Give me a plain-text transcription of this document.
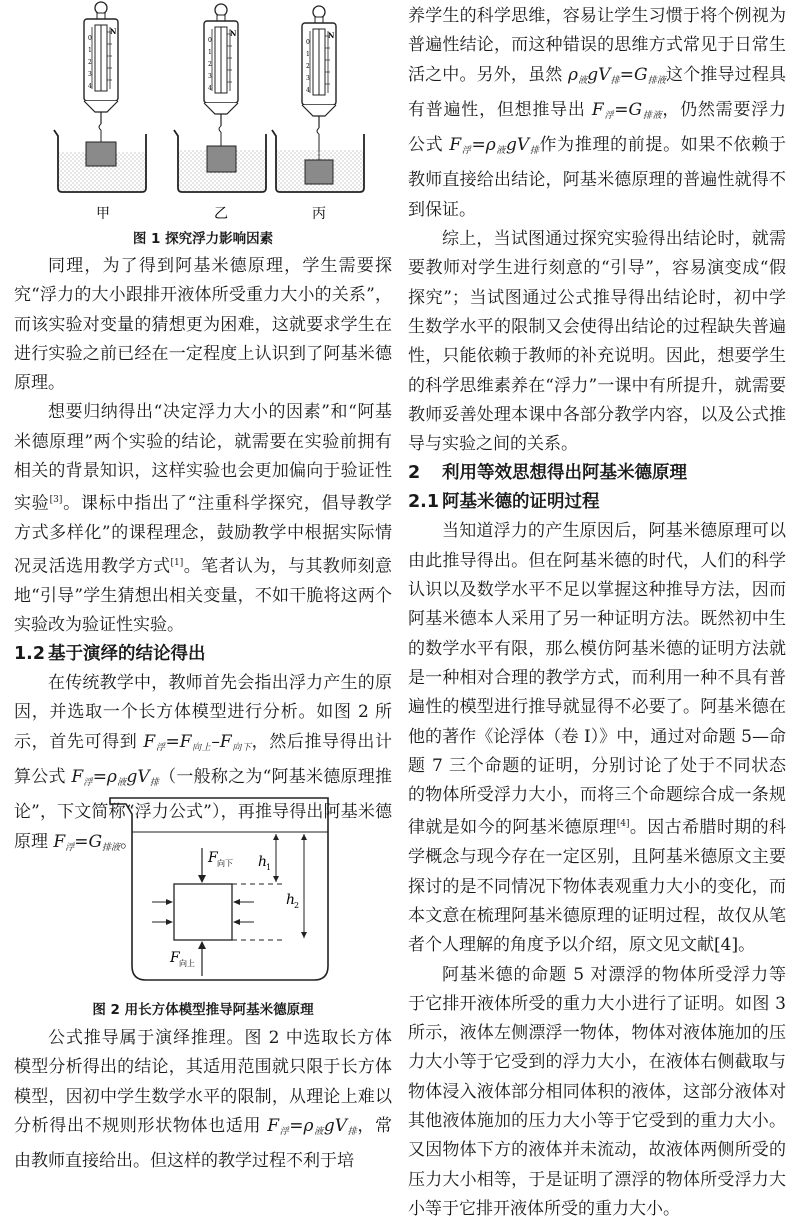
0
1
2
3
4
N
0
1
2
3
4
N
0
1
2
3
4
N
甲	乙	丙
图 1 探究浮力影响因素

同理，为了得到阿基米德原理，学生需要探究“浮力的大小跟排开液体所受重力大小的关系”，而该实验对变量的猜想更为困难，这就要求学生在进行实验之前已经在一定程度上认识到了阿基米德原理。

想要归纳得出“决定浮力大小的因素”和“阿基米德原理”两个实验的结论，就需要在实验前拥有相关的背景知识，这样实验也会更加偏向于验证性实验[3]。课标中指出了“注重科学探究，倡导教学方式多样化”的课程理念，鼓励教学中根据实际情况灵活选用教学方式[1]。笔者认为，与其教师刻意地“引导”学生猜想出相关变量，不如干脆将这两个实验改为验证性实验。

1.2 基于演绎的结论得出

在传统教学中，教师首先会指出浮力产生的原因，并选取一个长方体模型进行分析。如图 2 所示，首先可得到 $F_浮=F_{向上}-F_{向下}$，然后推导得出计算公式 $F_浮=\rho_液gV_排$（一般称之为“阿基米德原理推论”，下文简称“浮力公式”），再推导得出阿基米德原理 $F_浮=G_{排液}$。

F 向下
F 向上
h
1
h
2
图 2 用长方体模型推导阿基米德原理

公式推导属于演绎推理。图 2 中选取长方体模型分析得出的结论，其适用范围就只限于长方体模型，因初中学生数学水平的限制，从理论上难以分析得出不规则形状物体也适用 $F_浮=\rho_液gV_排$，常由教师直接给出。但这样的教学过程不利于培

养学生的科学思维，容易让学生习惯于将个例视为普遍性结论，而这种错误的思维方式常见于日常生活之中。另外，虽然 $\rho_液gV_排=G_{排液}$这个推导过程具有普遍性，但想推导出 $F_浮=G_{排液}$，仍然需要浮力公式 $F_浮=\rho_液gV_排$作为推理的前提。如果不依赖于教师直接给出结论，阿基米德原理的普遍性就得不到保证。

综上，当试图通过探究实验得出结论时，就需要教师对学生进行刻意的“引导”，容易演变成“假探究”；当试图通过公式推导得出结论时，初中学生数学水平的限制又会使得出结论的过程缺失普遍性，只能依赖于教师的补充说明。因此，想要学生的科学思维素养在“浮力”一课中有所提升，就需要教师妥善处理本课中各部分教学内容，以及公式推导与实验之间的关系。

2 利用等效思想得出阿基米德原理
2.1 阿基米德的证明过程

当知道浮力的产生原因后，阿基米德原理可以由此推导得出。但在阿基米德的时代，人们的科学认识以及数学水平不足以掌握这种推导方法，因而阿基米德本人采用了另一种证明方法。既然初中生的数学水平有限，那么模仿阿基米德的证明方法就是一种相对合理的教学方式，而利用一种不具有普遍性的模型进行推导就显得不必要了。阿基米德在他的著作《论浮体（卷 I）》中，通过对命题 5—命题 7 三个命题的证明，分别讨论了处于不同状态的物体所受浮力大小，而将三个命题综合成一条规律就是如今的阿基米德原理[4]。因古希腊时期的科学概念与现今存在一定区别，且阿基米德原文主要探讨的是不同情况下物体表观重力大小的变化，而本文意在梳理阿基米德原理的证明过程，故仅从笔者个人理解的角度予以介绍，原文见文献[4]。

阿基米德的命题 5 对漂浮的物体所受浮力等于它排开液体所受的重力大小进行了证明。如图 3 所示，液体左侧漂浮一物体，物体对液体施加的压力大小等于它受到的浮力大小，在液体右侧截取与物体浸入液体部分相同体积的液体，这部分液体对其他液体施加的压力大小等于它受到的重力大小。又因物体下方的液体并未流动，故液体两侧所受的压力大小相等，于是证明了漂浮的物体所受浮力大小等于它排开液体所受的重力大小。
